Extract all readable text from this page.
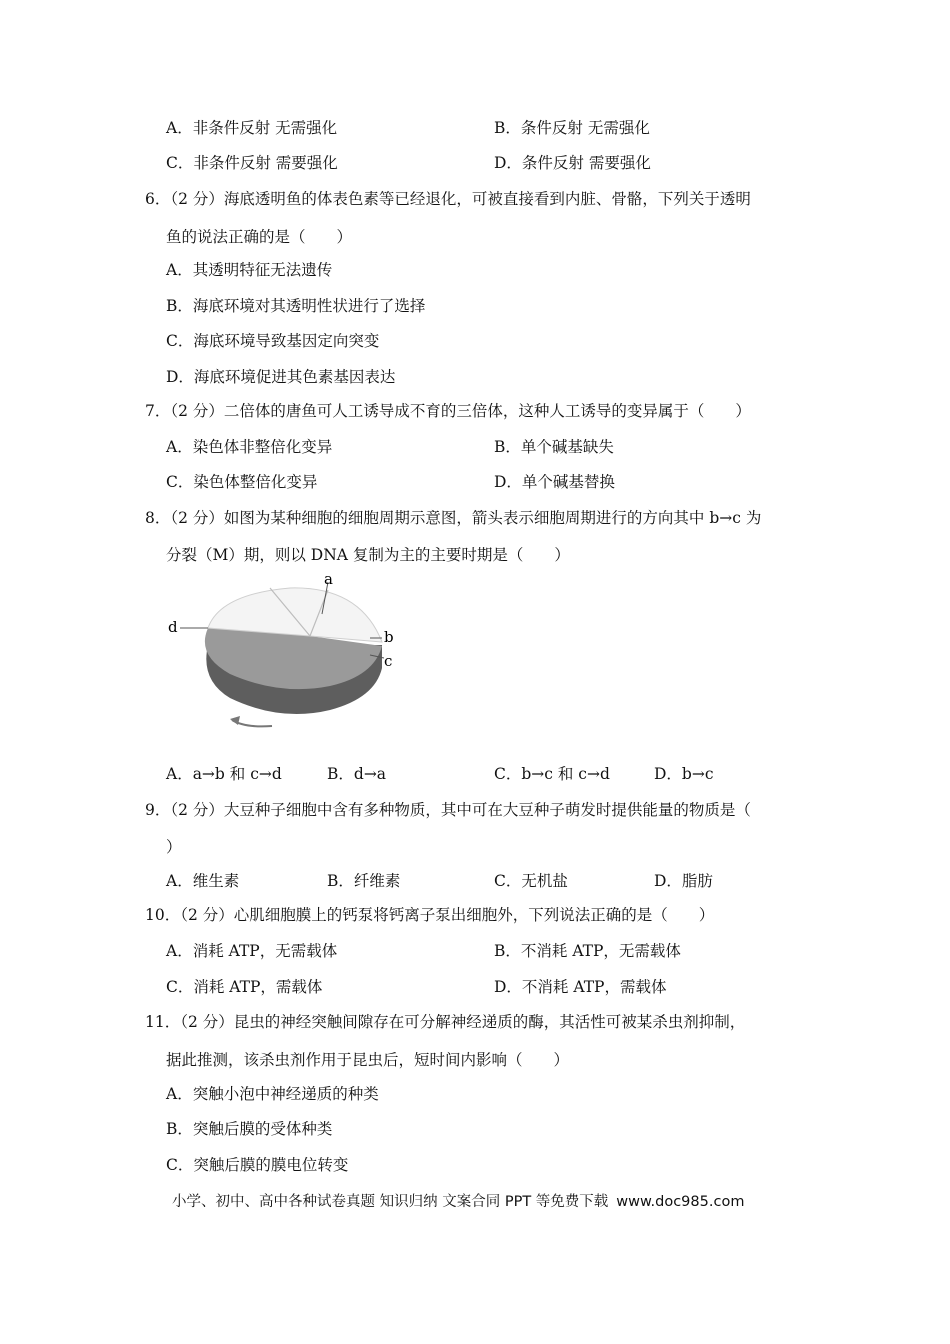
A．非条件反射 无需强化	B．条件反射 无需强化
C．非条件反射 需要强化	D．条件反射 需要强化
6．（2 分）海底透明鱼的体表色素等已经退化，可被直接看到内脏、骨骼，下列关于透明
鱼的说法正确的是（　　）
A．其透明特征无法遗传
B．海底环境对其透明性状进行了选择
C．海底环境导致基因定向突变
D．海底环境促进其色素基因表达
7．（2 分）二倍体的唐鱼可人工诱导成不育的三倍体，这种人工诱导的变异属于（　　）
A．染色体非整倍化变异	B．单个碱基缺失
C．染色体整倍化变异	D．单个碱基替换
8．（2 分）如图为某种细胞的细胞周期示意图，箭头表示细胞周期进行的方向其中 b→c 为
分裂（M）期，则以 DNA 复制为主的主要时期是（　　）
a
b
c
d
A．a→b 和 c→d	B．d→a	C．b→c 和 c→d	D．b→c
9．（2 分）大豆种子细胞中含有多种物质，其中可在大豆种子萌发时提供能量的物质是（
）
A．维生素	B．纤维素	C．无机盐	D．脂肪
10．（2 分）心肌细胞膜上的钙泵将钙离子泵出细胞外，下列说法正确的是（　　）
A．消耗 ATP，无需载体	B．不消耗 ATP，无需载体
C．消耗 ATP，需载体	D．不消耗 ATP，需载体
11．（2 分）昆虫的神经突触间隙存在可分解神经递质的酶，其活性可被某杀虫剂抑制，
据此推测，该杀虫剂作用于昆虫后，短时间内影响（　　）
A．突触小泡中神经递质的种类
B．突触后膜的受体种类
C．突触后膜的膜电位转变
小学、初中、高中各种试卷真题 知识归纳 文案合同 PPT 等免费下载 www.doc985.com
